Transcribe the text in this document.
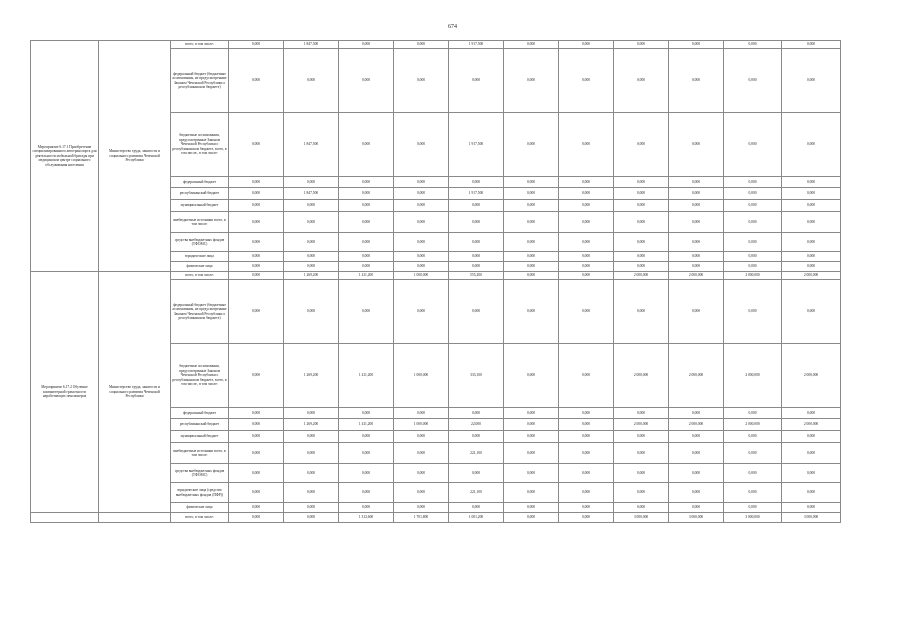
674
Мероприятие 6.17.1 Приобретение специализированного автотранспорта для деятельности мобильной бригады при медицинском центре социального обслуживания населения	Министерство труда, занятости и социального развития Чеченской Республики	всего, в том числе:	0,000	1 847,500	0,000	0,000	1 917,500	0,000	0,000	0,000	0,000	0,000	0,000
		федеральный бюджет (бюджетные ассигнования, не предусмотренные Законом Чеченской Республики о республиканском бюджете)	0,000	0,000	0,000	0,000	0,000	0,000	0,000	0,000	0,000	0,000	0,000
		бюджетные ассигнования, предусмотренные Законом Чеченской Республики о республиканском бюджете, всего, в том числе:, в том числе:	0,000	1 847,500	0,000	0,000	1 917,500	0,000	0,000	0,000	0,000	0,000	0,000
		федеральный бюджет	0,000	0,000	0,000	0,000	0,000	0,000	0,000	0,000	0,000	0,000	0,000
		республиканский бюджет	0,000	1 847,500	0,000	0,000	1 917,500	0,000	0,000	0,000	0,000	0,000	0,000
		муниципальный бюджет	0,000	0,000	0,000	0,000	0,000	0,000	0,000	0,000	0,000	0,000	0,000
		внебюджетные источники всего, в том числе:	0,000	0,000	0,000	0,000	0,000	0,000	0,000	0,000	0,000	0,000	0,000
		средства внебюджетных фондов (ТФОМС)	0,000	0,000	0,000	0,000	0,000	0,000	0,000	0,000	0,000	0,000	0,000
		юридические лица	0,000	0,000	0,000	0,000	0,000	0,000	0,000	0,000	0,000	0,000	0,000
		физические лица	0,000	0,000	0,000	0,000	0,000	0,000	0,000	0,000	0,000	0,000	0,000
Мероприятие 6.17.2 Обучение компьютерной грамотности неработающих пенсионеров	Министерство труда, занятости и социального развития Чеченской Республики	всего, в том числе:	0,000	1 269,200	1 411,200	1 000,000	555,200	0,000	0,000	2 000,000	2 000,000	2 000,000	2 000,000
		федеральный бюджет (бюджетные ассигнования, не предусмотренные Законом Чеченской Республики о республиканском бюджете)	0,000	0,000	0,000	0,000	0,000	0,000	0,000	0,000	0,000	0,000	0,000
		бюджетные ассигнования, предусмотренные Законом Чеченской Республики о республиканском бюджете, всего, в том числе:, в том числе:	0,000	1 269,200	1 411,200	1 000,000	333,100	0,000	0,000	2 000,000	2 000,000	2 000,000	2 000,000
		федеральный бюджет	0,000	0,000	0,000	0,000	0,000	0,000	0,000	0,000	0,000	0,000	0,000
		республиканский бюджет	0,000	1 269,200	1 411,200	1 000,000	22,000	0,000	0,000	2 000,000	2 000,000	2 000,000	2 000,000
		муниципальный бюджет	0,000	0,000	0,000	0,000	0,000	0,000	0,000	0,000	0,000	0,000	0,000
		внебюджетные источники всего, в том числе:	0,000	0,000	0,000	0,000	221,100	0,000	0,000	0,000	0,000	0,000	0,000
		средства внебюджетных фондов (ТФОМС)	0,000	0,000	0,000	0,000	0,000	0,000	0,000	0,000	0,000	0,000	0,000
		юридические лица (средства внебюджетных фондов (ПФР))	0,000	0,000	0,000	0,000	221,100	0,000	0,000	0,000	0,000	0,000	0,000
		физические лица	0,000	0,000	0,000	0,000	0,000	0,000	0,000	0,000	0,000	0,000	0,000
		всего, в том числе:	0,000	0,000	1 312,600	1 701,800	1 001,200	0,000	0,000	3 000,000	3 000,000	3 000,000	3 000,000
